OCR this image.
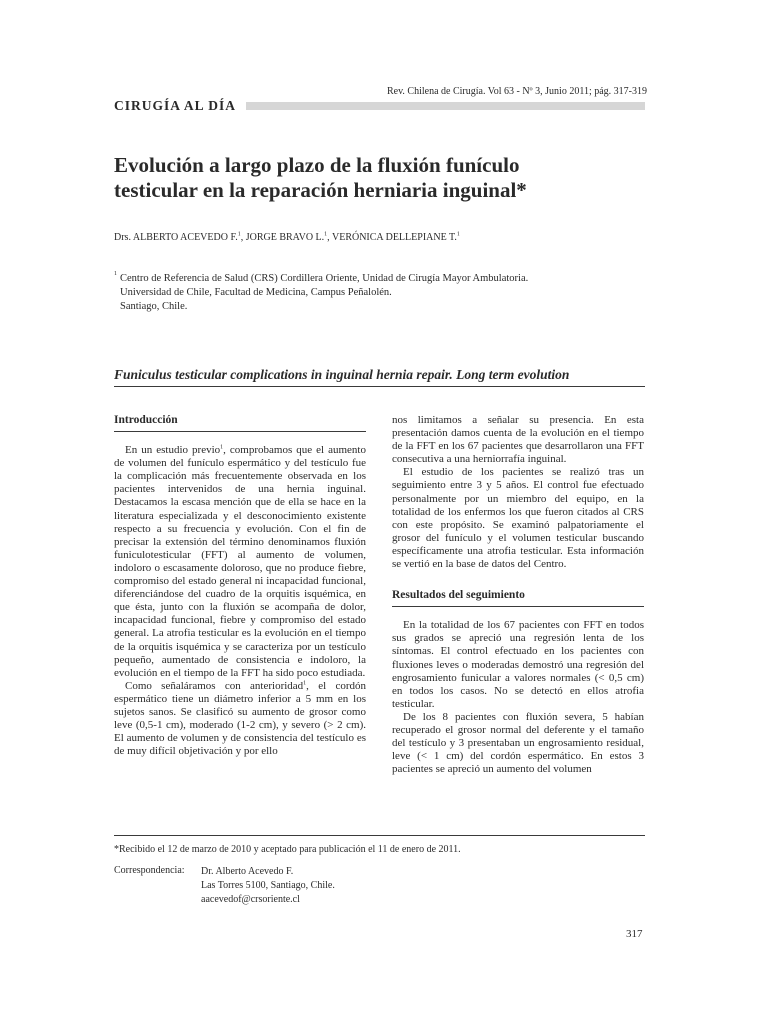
Rev. Chilena de Cirugía. Vol 63 - Nº 3, Junio 2011; pág. 317-319
CIRUGÍA AL DÍA
Evolución a largo plazo de la fluxión funículo
testicular en la reparación herniaria inguinal*
Drs. ALBERTO ACEVEDO F.$^1$, JORGE BRAVO L.$^1$, VERÓNICA DELLEPIANE T.$^1$
1 Centro de Referencia de Salud (CRS) Cordillera Oriente, Unidad de Cirugía Mayor Ambulatoria.
Universidad de Chile, Facultad de Medicina, Campus Peñalolén.
Santiago, Chile.
Funiculus testicular complications in inguinal hernia repair. Long term evolution
Introducción

En un estudio previo$^1$, comprobamos que el aumento de volumen del funículo espermático y del testículo fue la complicación más frecuentemente observada en los pacientes intervenidos de una hernia inguinal. Destacamos la escasa mención que de ella se hace en la literatura especializada y el desconocimiento existente respecto a su frecuencia y evolución. Con el fin de precisar la extensión del término denominamos fluxión funiculotesticular (FFT) al aumento de volumen, indoloro o escasamente doloroso, que no produce fiebre, compromiso del estado general ni incapacidad funcional, diferenciándose del cuadro de la orquitis isquémica, en que ésta, junto con la fluxión se acompaña de dolor, incapacidad funcional, fiebre y compromiso del estado general. La atrofia testicular es la evolución en el tiempo de la orquitis isquémica y se caracteriza por un testículo pequeño, aumentado de consistencia e indoloro, la evolución en el tiempo de la FFT ha sido poco estudiada.

Como señaláramos con anterioridad$^1$, el cordón espermático tiene un diámetro inferior a 5 mm en los sujetos sanos. Se clasificó su aumento de grosor como leve (0,5-1 cm), moderado (1-2 cm), y severo (> 2 cm). El aumento de volumen y de consistencia del testículo es de muy difícil objetivación y por ello

nos limitamos a señalar su presencia. En esta presentación damos cuenta de la evolución en el tiempo de la FFT en los 67 pacientes que desarrollaron una FFT consecutiva a una herniorrafía inguinal.

El estudio de los pacientes se realizó tras un seguimiento entre 3 y 5 años. El control fue efectuado personalmente por un miembro del equipo, en la totalidad de los enfermos los que fueron citados al CRS con este propósito. Se examinó palpatoriamente el grosor del funículo y el volumen testicular buscando específicamente una atrofia testicular. Esta información se vertió en la base de datos del Centro.

Resultados del seguimiento

En la totalidad de los 67 pacientes con FFT en todos sus grados se apreció una regresión lenta de los síntomas. El control efectuado en los pacientes con fluxiones leves o moderadas demostró una regresión del engrosamiento funicular a valores normales (< 0,5 cm) en todos los casos. No se detectó en ellos atrofia testicular.

De los 8 pacientes con fluxión severa, 5 habían recuperado el grosor normal del deferente y el tamaño del testículo y 3 presentaban un engrosamiento residual, leve (< 1 cm) del cordón espermático. En estos 3 pacientes se apreció un aumento del volumen

*Recibido el 12 de marzo de 2010 y aceptado para publicación el 11 de enero de 2011.
Correspondencia: Dr. Alberto Acevedo F.
Las Torres 5100, Santiago, Chile.
aacevedof@crsoriente.cl
317
